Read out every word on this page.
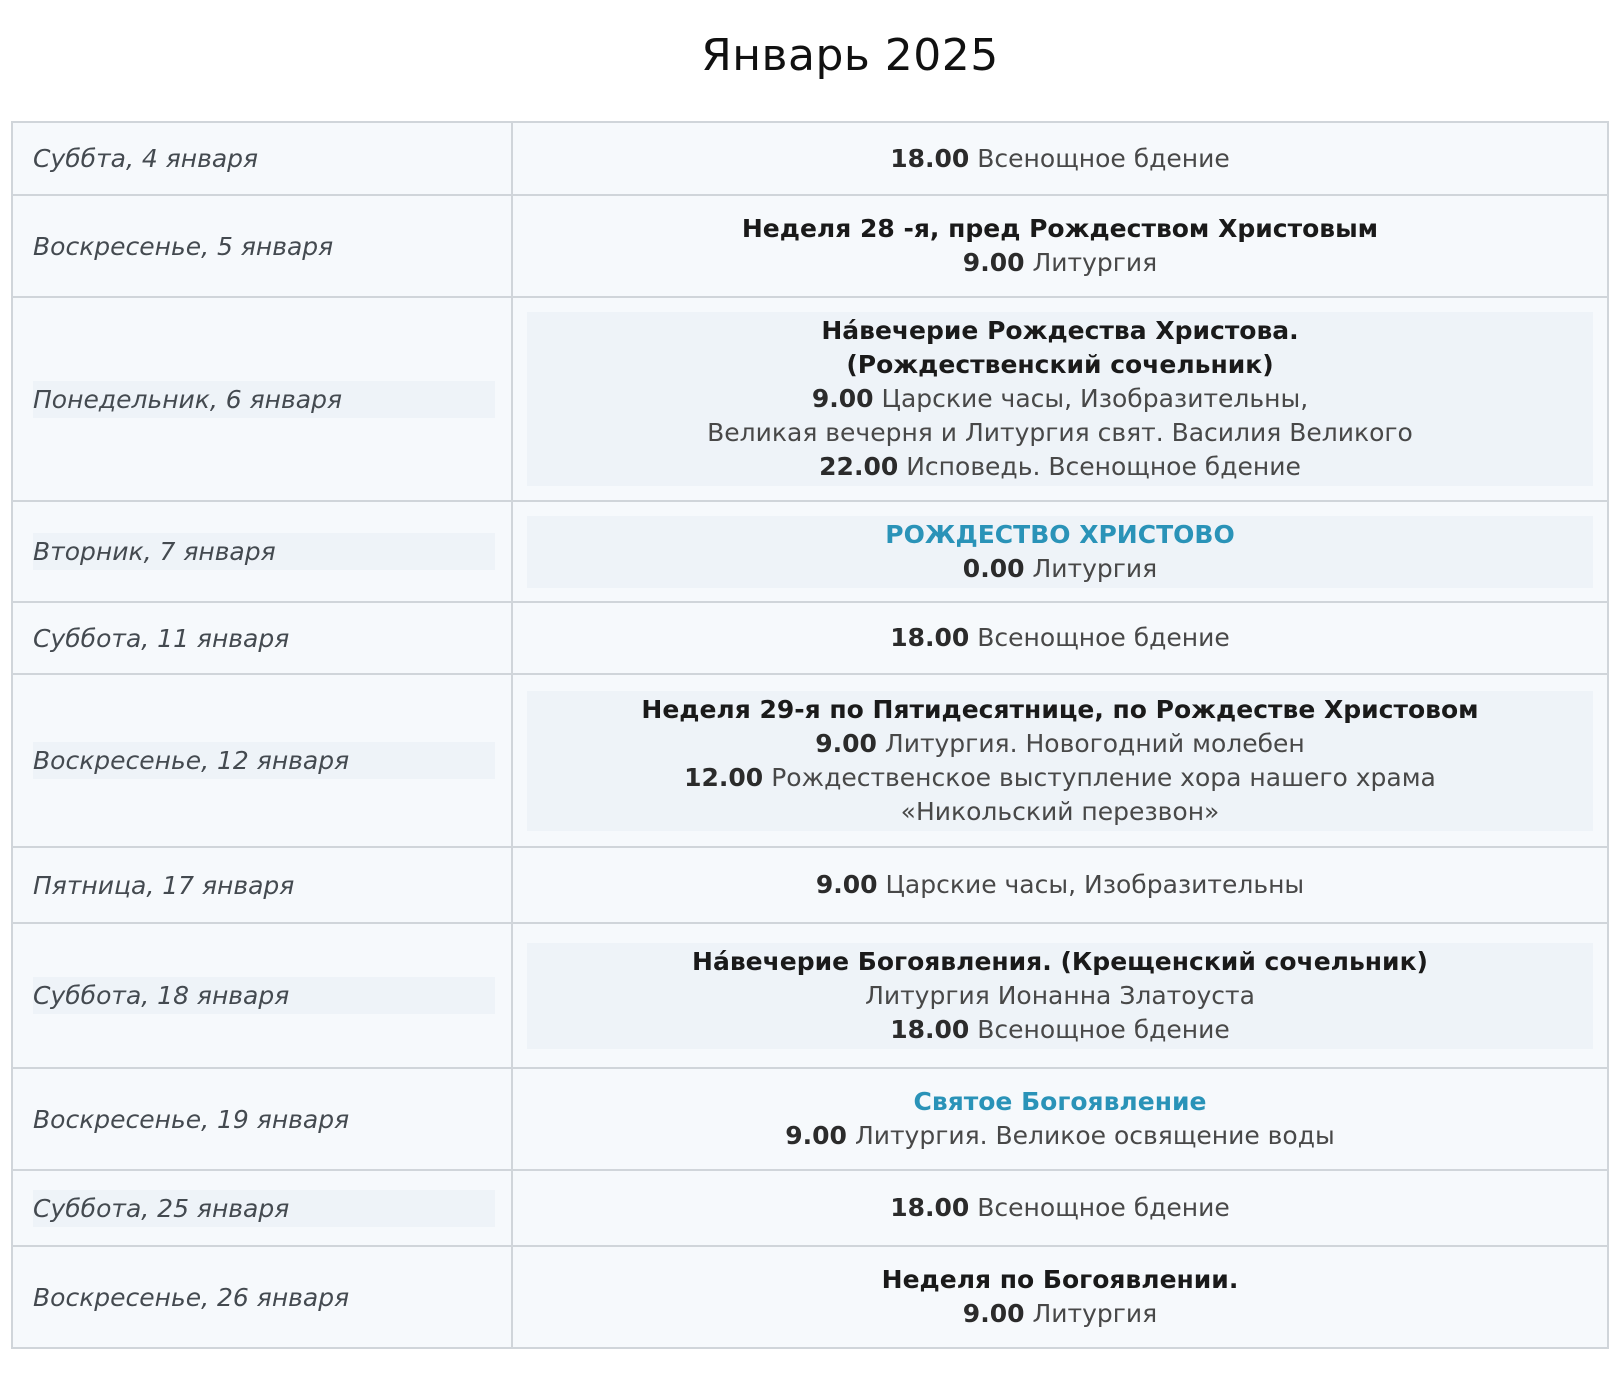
Январь 2025
Суббта, 4 января	18.00 Всенощное бдение

Воскресенье, 5 января	Неделя 28 -я, пред Рождеством Христовым
9.00 Литургия

Понедельник, 6 января	На́вечерие Рождества Христова.
(Рождественский сочельник)
9.00 Царские часы, Изобразительны,
Великая вечерня и Литургия свят. Василия Великого
22.00 Исповедь. Всенощное бдение

Вторник, 7 января	РОЖДЕСТВО ХРИСТОВО
0.00 Литургия

Суббота, 11 января	18.00 Всенощное бдение

Воскресенье, 12 января	Неделя 29-я по Пятидесятнице, по Рождестве Христовом
9.00 Литургия. Новогодний молебен
12.00 Рождественское выступление хора нашего храма
«Никольский перезвон»

Пятница, 17 января	9.00 Царские часы, Изобразительны

Суббота, 18 января	На́вечерие Богоявления. (Крещенский сочельник)
Литургия Ионанна Златоуста
18.00 Всенощное бдение

Воскресенье, 19 января	Святое Богоявление
9.00 Литургия. Великое освящение воды

Суббота, 25 января	18.00 Всенощное бдение

Воскресенье, 26 января	Неделя по Богоявлении.
9.00 Литургия
